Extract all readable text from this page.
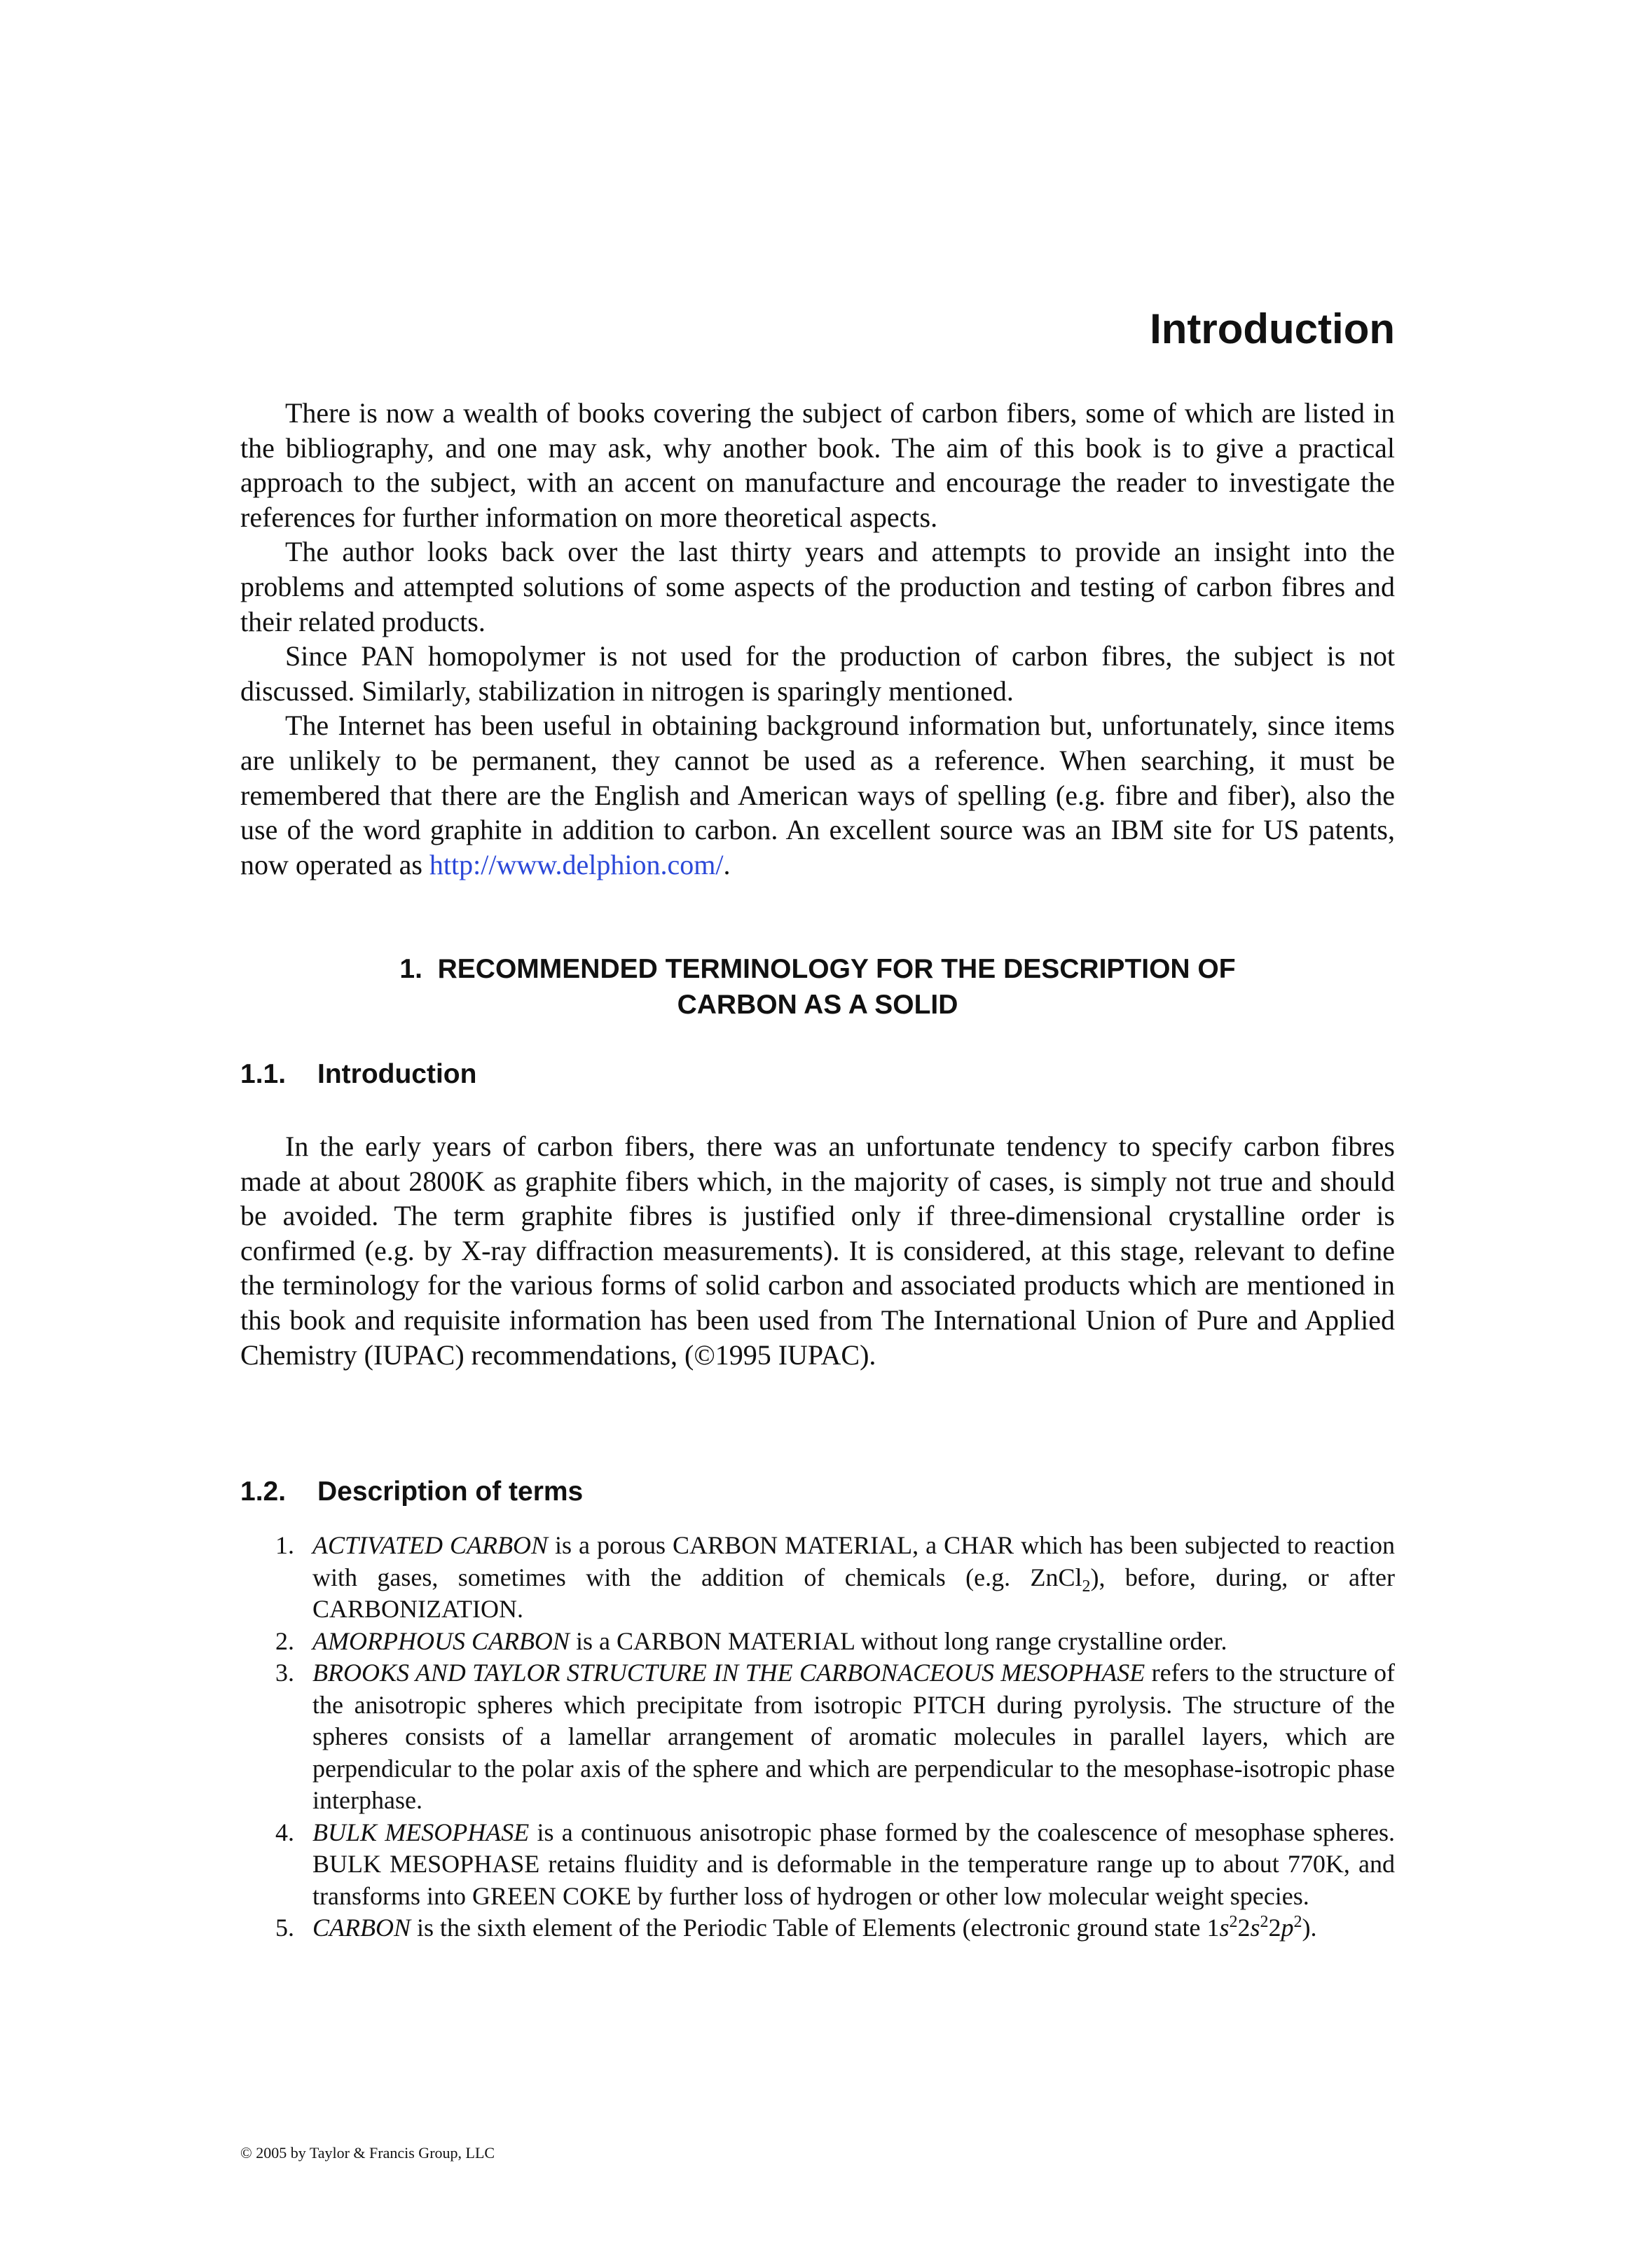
Introduction

There is now a wealth of books covering the subject of carbon fibers, some of which are listed in the bibliography, and one may ask, why another book. The aim of this book is to give a practical approach to the subject, with an accent on manufacture and encourage the reader to investigate the references for further information on more theoretical aspects.

The author looks back over the last thirty years and attempts to provide an insight into the problems and attempted solutions of some aspects of the production and testing of carbon fibres and their related products.

Since PAN homopolymer is not used for the production of carbon fibres, the subject is not discussed. Similarly, stabilization in nitrogen is sparingly mentioned.

The Internet has been useful in obtaining background information but, unfortunately, since items are unlikely to be permanent, they cannot be used as a reference. When searching, it must be remembered that there are the English and American ways of spelling (e.g. fibre and fiber), also the use of the word graphite in addition to carbon. An excellent source was an IBM site for US patents, now operated as http://www.delphion.com/.

1. RECOMMENDED TERMINOLOGY FOR THE DESCRIPTION OF
CARBON AS A SOLID
1.1. Introduction

In the early years of carbon fibers, there was an unfortunate tendency to specify carbon fibres made at about 2800K as graphite fibers which, in the majority of cases, is simply not true and should be avoided. The term graphite fibres is justified only if three-dimensional crystalline order is confirmed (e.g. by X-ray diffraction measurements). It is considered, at this stage, relevant to define the terminology for the various forms of solid carbon and associated products which are mentioned in this book and requisite information has been used from The International Union of Pure and Applied Chemistry (IUPAC) recommendations, (©1995 IUPAC).

1.2. Description of terms
1. ACTIVATED CARBON is a porous CARBON MATERIAL, a CHAR which has been subjected to reaction with gases, sometimes with the addition of chemicals (e.g. ZnCl$_2$), before, during, or after CARBONIZATION.
2. AMORPHOUS CARBON is a CARBON MATERIAL without long range crystalline order.
3. BROOKS AND TAYLOR STRUCTURE IN THE CARBONACEOUS MESOPHASE refers to the structure of the anisotropic spheres which precipitate from isotropic PITCH during pyrolysis. The structure of the spheres consists of a lamellar arrangement of aromatic molecules in parallel layers, which are perpendicular to the polar axis of the sphere and which are perpendicular to the mesophase-isotropic phase interphase.
4. BULK MESOPHASE is a continuous anisotropic phase formed by the coalescence of mesophase spheres. BULK MESOPHASE retains fluidity and is deformable in the temperature range up to about 770K, and transforms into GREEN COKE by further loss of hydrogen or other low molecular weight species.
5. CARBON is the sixth element of the Periodic Table of Elements (electronic ground state $1s^22s^22p^2$).

© 2005 by Taylor & Francis Group, LLC
